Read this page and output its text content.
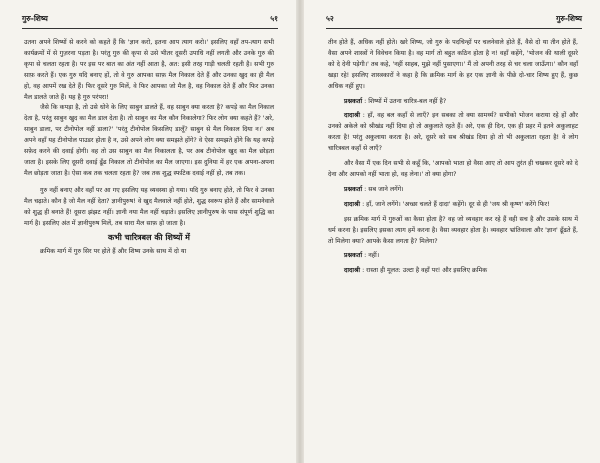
गुरु-शिष्य	५१

उतना अपने शिष्यों से करने को कहते हैं कि 'ज्ञान करो, इतना आप त्याग करो।' इसलिए वहाँ तप-त्याग सभी कार्यक्रमों में से गुज़रना पड़ता है। परंतु गुरु की कृपा से उसे भीतर दूसरी उपाधि नहीं लगती और उनके गुरु की कृपा से चलता रहता है। पर इस पर बात का अंत नहीं आता है, अत: इसी तरह गाड़ी चलती रहती है। सभी गुरु साफ़ करते हैं। एक गुरु यदि बनाए हों, तो वे गुरु आपका साफ़ मैल निकाल देते हैं और उनका खुद का ही मैल हो, वह आपमें रख देते हैं। फिर दूसरे गुरु मिलें, वे फिर आपका जो मैल है, वह निकाल देते हैं और फिर उनका मैल डालते जाते हैं। यह है गुरु परंपरा!

जैसे कि कपड़ा है, तो उसे धोने के लिए साबुन डालते हैं, वह साबुन क्या करता है? कपड़े का मैल निकाल देता है, परंतु साबुन खुद का मैल डाल देता है। तो साबुन का मैल कौन निकालेगा? फिर लोग क्या कहते हैं? 'अरे, साबुन डाला, पर टीनोपोल नहीं डाला?' 'परंतु टीनोपोल किसलिए डालूँ? साबुन से मैल निकाल दिया न।' अब अपने वहाँ यह टीनोपोल पाउडर होता है न, उसे अपने लोग क्या समझते होंगे? वे ऐसा समझते होंगे कि यह कपड़े सफ़ेद करने की दवाई होगी। वह तो उस साबुन का मैल निकालता है, पर अब टीनोपोल खुद का मैल छोड़ता जाता है। इसके लिए दूसरी दवाई ढूँढ निकाल तो टीनोपोल का मैल जाएगा। इस दुनिया में हर एक अपना-अपना मैल छोड़ता जाता है। ऐसा कब तक चलता रहता है? जब तक शुद्ध स्फटिक दवाई नहीं हो, तब तक।

गुरु नहीं बनाए और वहाँ पर आ गए इसलिए यह व्यवस्था हो गया। यदि गुरु बनाए होते, तो फिर वे उनका मैल चढ़ाते। कौन है जो मैल नहीं देता? ज्ञानीपुरुष! वे खुद मैलवाले नहीं होते, शुद्ध स्वरूप होते हैं और सामनेवाले को शुद्ध ही बनाते हैं! दूसरा झंझट नहीं। ज्ञानी नया मैल नहीं चढ़ाते। इसलिए ज्ञानीपुरुष के पास संपूर्ण शुद्धि का मार्ग है। इसलिए अंत में ज्ञानीपुरुष मिलें, तब सारा मैल साफ़ हो जाता है।

कभी चारित्रबल की शिष्यों में

क्रमिक मार्ग में गुरु सिर पर होते हैं और शिष्य उनके साथ में दो या

५२	गुरु-शिष्य

तीन होते हैं, अधिक नहीं होते। खरे शिष्य, जो गुरु के पदचिन्हों पर चलनेवाले होते हैं, वैसे दो या तीन होते हैं, वैसा अपने शास्त्रों ने विवेचन किया है। वह मार्ग तो बहुत कठिन होता है न! वहाँ कहेंगे, 'भोजन की थाली दूसरे को दे देनी पड़ेगी।' तब कहे, 'नहीं साहब, मुझे नहीं पुसाएगा।' मैं तो अपनी तरह से चर चला जाऊँगा।' कौन वहाँ खड़ा रहे! इसलिए शास्त्रकारों ने कहा है कि क्रमिक मार्ग के हर एक ज्ञानी के पीछे दो-चार शिष्य हुए हैं, कुछ अधिक नहीं हुए।

प्रश्नकर्ता : शिष्यों में उतना चारित्र-बल नहीं है?

दादाश्री : हाँ, वह बल कहाँ से लाएँ? इन सबका तो क्या सामर्थ्य? सभीको भोजन कराया रहे हों और उनको अकेले को श्रीखंड नहीं दिया हो तो अकुलाते रहते हैं। अरे, एक ही दिन, एक ही प्रहर में इतने अकुलाहट करता है! परंतु अकुलाया करता है। अरे, दूसरे को सब श्रीखंड दिया हो तो भी अकुलाता रहता है! वे लोग चारित्रबल कहाँ से लाएँ?

और वैसा मैं एक दिन सभी से कहूँ कि, 'आपको भाता हो वैसा आए तो आप तुरंत ही चखकर दूसरे को दे देना और आपको नहीं भाता हो, वह लेना।' तो क्या होगा?

प्रश्नकर्ता : सब जाने लगेंगे।

दादाश्री : हाँ, जाने लगेंगे। 'अच्छा चलते हैं दादा' कहेंगे। दूर से ही 'जय श्री कृष्ण' करेंगे फिर!

इस क्रमिक मार्ग में गुरुओं का कैसा होता है? वह जो व्यवहार कर रहे हैं वही सच है और उसके साथ में धर्म करना है। इसलिए इसका त्याग हमें करना है। वैसा व्यवहार होता है। व्यवहार भ्रांतिवाला और 'ज्ञान' ढूँढते हैं, तो मिलेगा क्या? आपके कैसा लगता है? मिलेगा?

प्रश्नकर्ता : नहीं।

दादाश्री : रास्ता ही मूलत: उल्टा है वहाँ पर! और इसलिए क्रमिक
